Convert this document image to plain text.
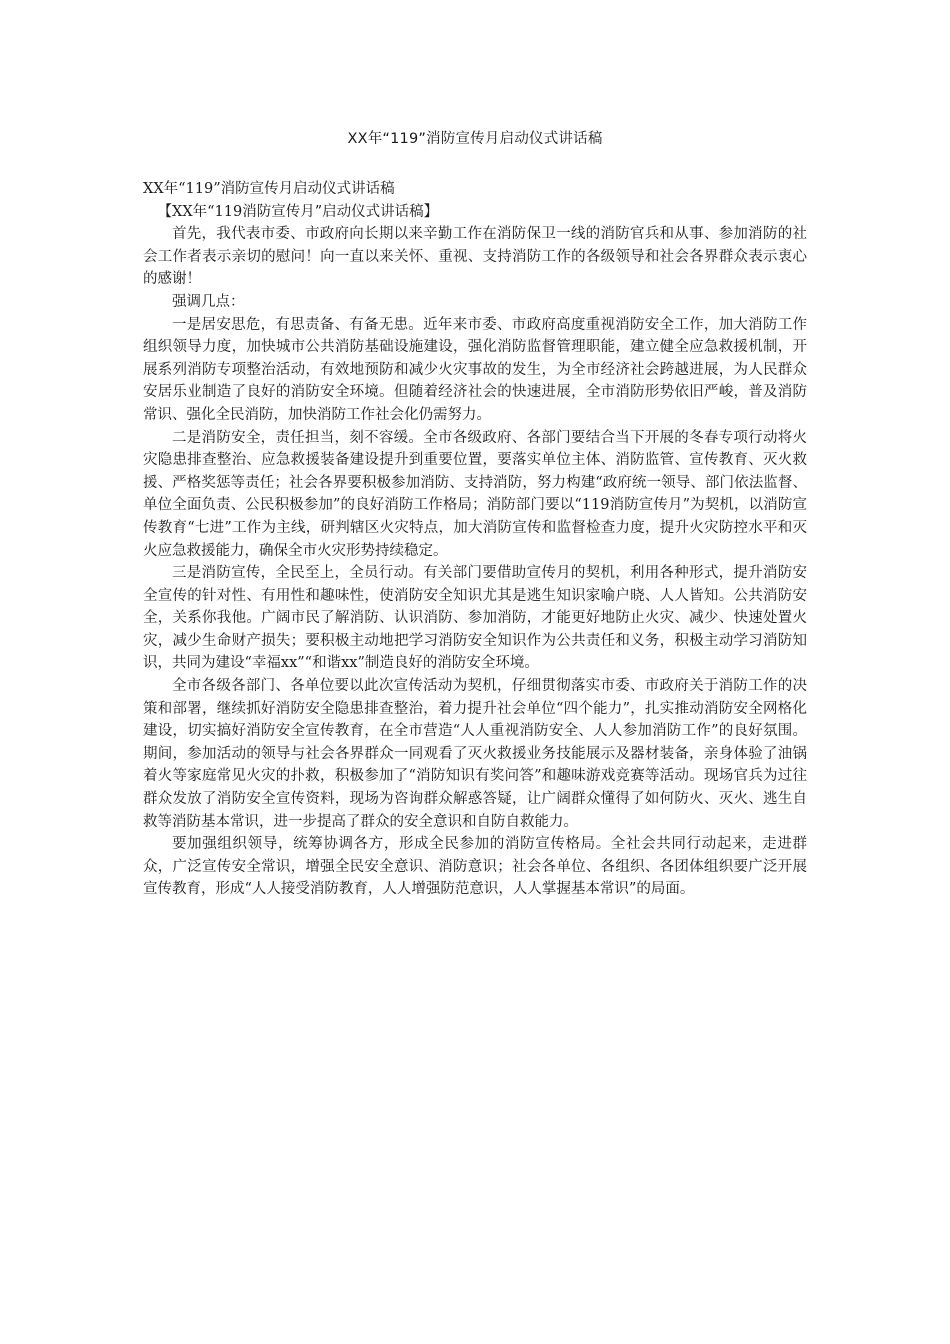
XX年“119”消防宣传月启动仪式讲话稿

XX年“119”消防宣传月启动仪式讲话稿

【XX年“119消防宣传月”启动仪式讲话稿】

首先，我代表市委、市政府向长期以来辛勤工作在消防保卫一线的消防官兵和从事、参加消防的社会工作者表示亲切的慰问！向一直以来关怀、重视、支持消防工作的各级领导和社会各界群众表示衷心的感谢！

强调几点：

一是居安思危，有思责备、有备无患。近年来市委、市政府高度重视消防安全工作，加大消防工作组织领导力度，加快城市公共消防基础设施建设，强化消防监督管理职能，建立健全应急救援机制，开展系列消防专项整治活动，有效地预防和减少火灾事故的发生，为全市经济社会跨越进展，为人民群众安居乐业制造了良好的消防安全环境。但随着经济社会的快速进展，全市消防形势依旧严峻，普及消防常识、强化全民消防，加快消防工作社会化仍需努力。

二是消防安全，责任担当，刻不容缓。全市各级政府、各部门要结合当下开展的冬春专项行动将火灾隐患排查整治、应急救援装备建设提升到重要位置，要落实单位主体、消防监管、宣传教育、灭火救援、严格奖惩等责任；社会各界要积极参加消防、支持消防，努力构建“政府统一领导、部门依法监督、单位全面负责、公民积极参加”的良好消防工作格局；消防部门要以“119消防宣传月”为契机，以消防宣传教育“七进”工作为主线，研判辖区火灾特点，加大消防宣传和监督检查力度，提升火灾防控水平和灭火应急救援能力，确保全市火灾形势持续稳定。

三是消防宣传，全民至上，全员行动。有关部门要借助宣传月的契机，利用各种形式，提升消防安全宣传的针对性、有用性和趣味性，使消防安全知识尤其是逃生知识家喻户晓、人人皆知。公共消防安全，关系你我他。广阔市民了解消防、认识消防、参加消防，才能更好地防止火灾、减少、快速处置火灾，减少生命财产损失；要积极主动地把学习消防安全知识作为公共责任和义务，积极主动学习消防知识，共同为建设“幸福xx”“和谐xx”制造良好的消防安全环境。

全市各级各部门、各单位要以此次宣传活动为契机，仔细贯彻落实市委、市政府关于消防工作的决策和部署，继续抓好消防安全隐患排查整治，着力提升社会单位“四个能力”，扎实推动消防安全网格化建设，切实搞好消防安全宣传教育，在全市营造“人人重视消防安全、人人参加消防工作”的良好氛围。期间，参加活动的领导与社会各界群众一同观看了灭火救援业务技能展示及器材装备，亲身体验了油锅着火等家庭常见火灾的扑救，积极参加了“消防知识有奖问答”和趣味游戏竞赛等活动。现场官兵为过往群众发放了消防安全宣传资料，现场为咨询群众解惑答疑，让广阔群众懂得了如何防火、灭火、逃生自救等消防基本常识，进一步提高了群众的安全意识和自防自救能力。

要加强组织领导，统筹协调各方，形成全民参加的消防宣传格局。全社会共同行动起来，走进群众，广泛宣传安全常识，增强全民安全意识、消防意识；社会各单位、各组织、各团体组织要广泛开展宣传教育，形成“人人接受消防教育，人人增强防范意识，人人掌握基本常识”的局面。
